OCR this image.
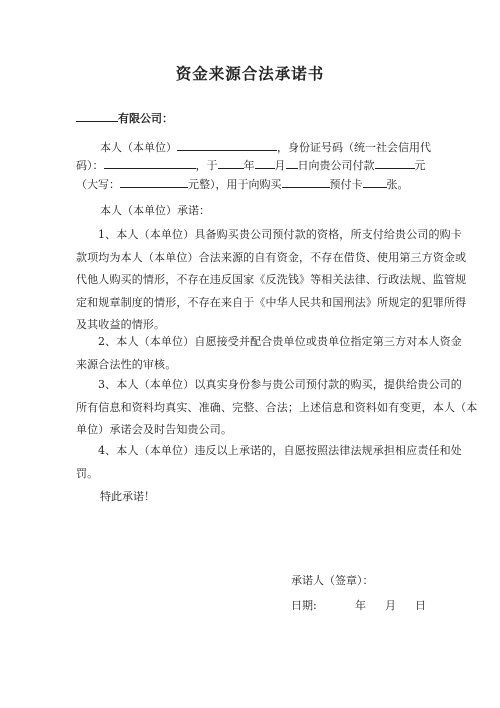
资金来源合法承诺书
有限公司：
本人（本单位）	，身份证号码（统一社会信用代
码）：	，于 年 月 日向贵公司付款	元
（大写：	元整），用于向购买	预付卡 张。
本人（本单位）承诺：
1、本人（本单位）具备购买贵公司预付款的资格，所支付给贵公司的购卡
款项均为本人（本单位）合法来源的自有资金，不存在借贷、使用第三方资金或
代他人购买的情形，不存在违反国家《反洗钱》等相关法律、行政法规、监管规
定和规章制度的情形，不存在来自于《中华人民共和国刑法》所规定的犯罪所得
及其收益的情形。
2、本人（本单位）自愿接受并配合贵单位或贵单位指定第三方对本人资金
来源合法性的审核。
3、本人（本单位）以真实身份参与贵公司预付款的购买，提供给贵公司的
所有信息和资料均真实、准确、完整、合法；上述信息和资料如有变更，本人（本
单位）承诺会及时告知贵公司。
4、本人（本单位）违反以上承诺的，自愿按照法律法规承担相应责任和处
罚。
特此承诺！
承诺人（签章）：
日期:	年 月 日
